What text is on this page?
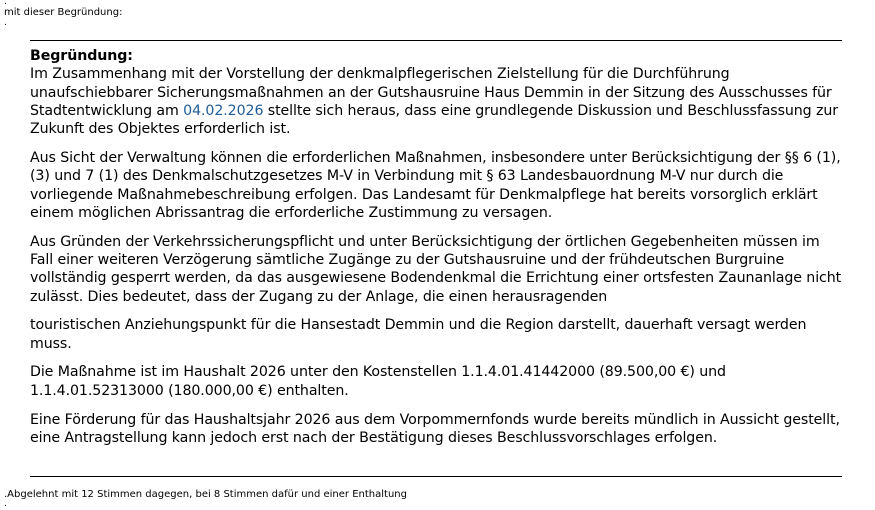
.
mit dieser Begründung:
.
Begründung:

Im Zusammenhang mit der Vorstellung der denkmalpflegerischen Zielstellung für die Durchführung unaufschiebbarer Sicherungsmaßnahmen an der Gutshausruine Haus Demmin in der Sitzung des Ausschusses für Stadtentwicklung am 04.02.2026 stellte sich heraus, dass eine grundlegende Diskussion und Beschlussfassung zur Zukunft des Objektes erforderlich ist.

Aus Sicht der Verwaltung können die erforderlichen Maßnahmen, insbesondere unter Berücksichtigung der §§ 6 (1), (3) und 7 (1) des Denkmalschutzgesetzes M-V in Verbindung mit § 63 Landesbauordnung M-V nur durch die vorliegende Maßnahmebeschreibung erfolgen. Das Landesamt für Denkmalpflege hat bereits vorsorglich erklärt einem möglichen Abrissantrag die erforderliche Zustimmung zu versagen.

Aus Gründen der Verkehrssicherungspflicht und unter Berücksichtigung der örtlichen Gegebenheiten müssen im Fall einer weiteren Verzögerung sämtliche Zugänge zu der Gutshausruine und der frühdeutschen Burgruine vollständig gesperrt werden, da das ausgewiesene Bodendenkmal die Errichtung einer ortsfesten Zaunanlage nicht zulässt. Dies bedeutet, dass der Zugang zu der Anlage, die einen herausragenden

touristischen Anziehungspunkt für die Hansestadt Demmin und die Region darstellt, dauerhaft versagt werden muss.

Die Maßnahme ist im Haushalt 2026 unter den Kostenstellen 1.1.4.01.41442000 (89.500,00 €) und 1.1.4.01.52313000 (180.000,00 €) enthalten.

Eine Förderung für das Haushaltsjahr 2026 aus dem Vorpommernfonds wurde bereits mündlich in Aussicht gestellt, eine Antragstellung kann jedoch erst nach der Bestätigung dieses Beschlussvorschlages erfolgen.

.Abgelehnt mit 12 Stimmen dagegen, bei 8 Stimmen dafür und einer Enthaltung
.
